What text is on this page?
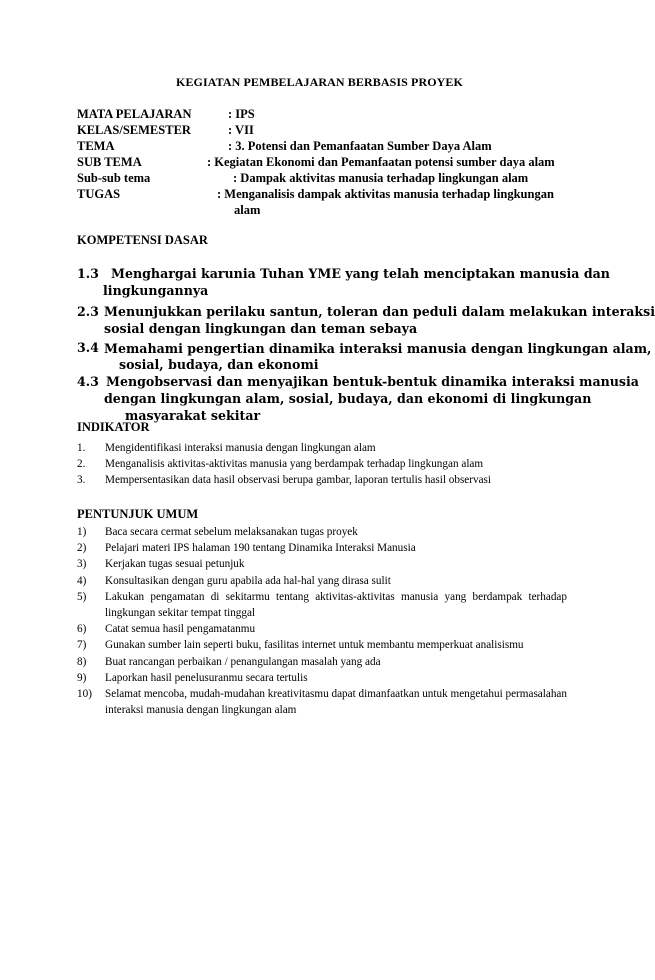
KEGIATAN PEMBELAJARAN BERBASIS PROYEK
MATA PELAJARAN	: IPS
KELAS/SEMESTER	: VII
TEMA	: 3. Potensi dan Pemanfaatan Sumber Daya Alam
SUB TEMA	: Kegiatan Ekonomi dan Pemanfaatan potensi sumber daya alam
Sub-sub tema	: Dampak aktivitas manusia terhadap lingkungan alam
TUGAS	: Menganalisis dampak aktivitas manusia terhadap lingkungan
alam
KOMPETENSI DASAR
1.3 Menghargai karunia Tuhan YME yang telah menciptakan manusia dan
lingkungannya
2.3 Menunjukkan perilaku santun, toleran dan peduli dalam melakukan interaksi
sosial dengan lingkungan dan teman sebaya
3.4 Memahami pengertian dinamika interaksi manusia dengan lingkungan alam,
sosial, budaya, dan ekonomi
4.3 Mengobservasi dan menyajikan bentuk-bentuk dinamika interaksi manusia
dengan lingkungan alam, sosial, budaya, dan ekonomi di lingkungan
masyarakat sekitar
INDIKATOR
1. Mengidentifikasi interaksi manusia dengan lingkungan alam
2. Menganalisis aktivitas-aktivitas manusia yang berdampak terhadap lingkungan alam
3. Mempersentasikan data hasil observasi berupa gambar, laporan tertulis hasil observasi
PENTUNJUK UMUM
1) Baca secara cermat sebelum melaksanakan tugas proyek
2) Pelajari materi IPS halaman 190 tentang Dinamika Interaksi Manusia
3) Kerjakan tugas sesuai petunjuk
4) Konsultasikan dengan guru apabila ada hal-hal yang dirasa sulit
5) Lakukan pengamatan di sekitarmu tentang aktivitas-aktivitas manusia yang berdampak terhadap lingkungan sekitar tempat tinggal
6) Catat semua hasil pengamatanmu
7) Gunakan sumber lain seperti buku, fasilitas internet untuk membantu memperkuat analisismu
8) Buat rancangan perbaikan / penangulangan masalah yang ada
9) Laporkan hasil penelusuranmu secara tertulis
10) Selamat mencoba, mudah-mudahan kreativitasmu dapat dimanfaatkan untuk mengetahui permasalahan interaksi manusia dengan lingkungan alam
